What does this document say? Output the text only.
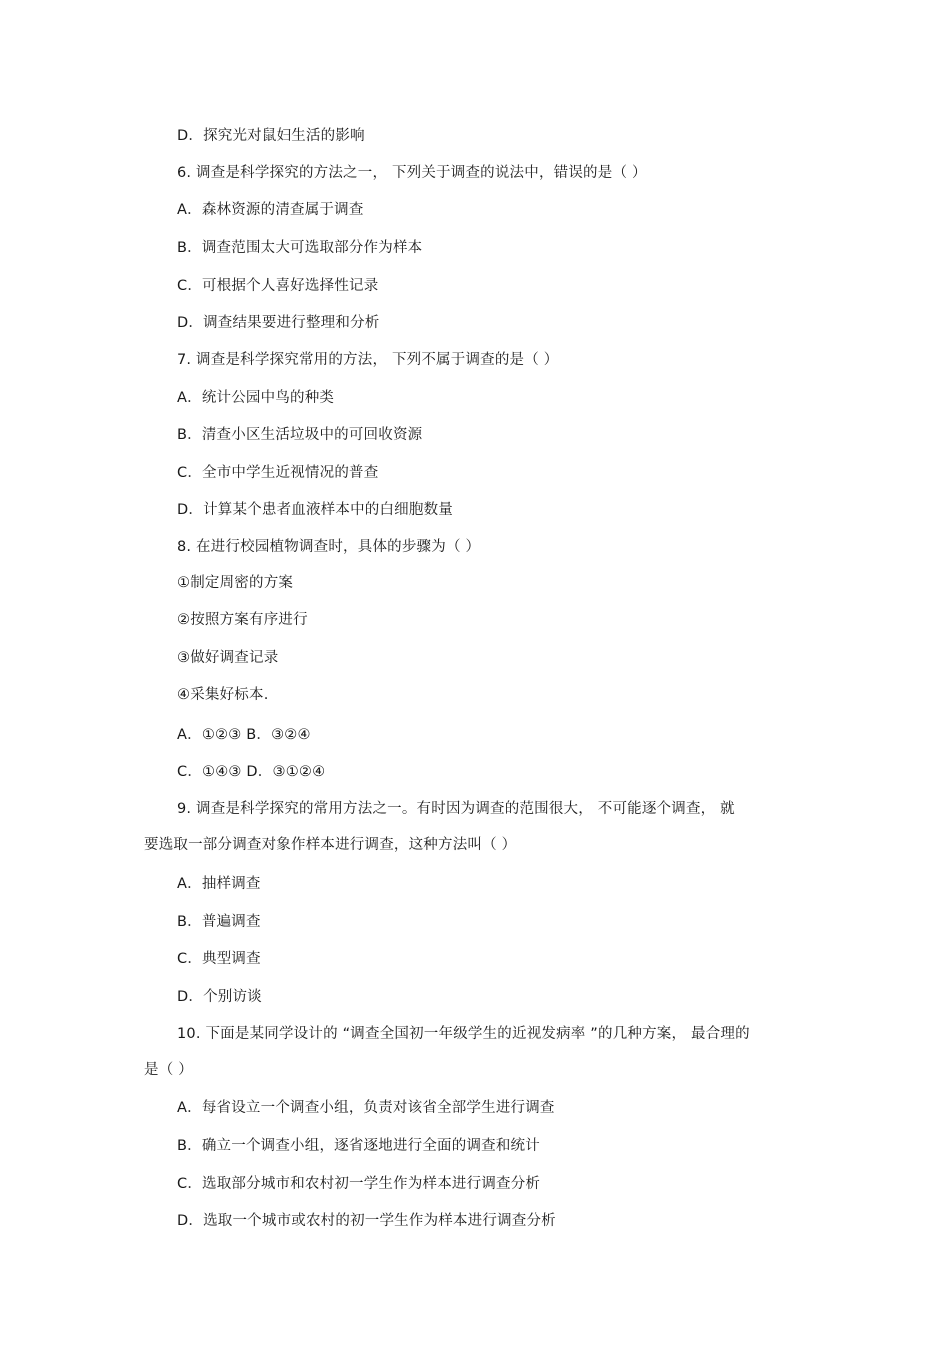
D．探究光对鼠妇生活的影响
6. 调查是科学探究的方法之一， 下列关于调查的说法中，错误的是（ ）
A．森林资源的清查属于调查
B．调查范围太大可选取部分作为样本
C．可根据个人喜好选择性记录
D．调查结果要进行整理和分析
7. 调查是科学探究常用的方法， 下列不属于调查的是（ ）
A．统计公园中鸟的种类
B．清查小区生活垃圾中的可回收资源
C．全市中学生近视情况的普查
D．计算某个患者血液样本中的白细胞数量
8. 在进行校园植物调查时，具体的步骤为（ ）
①制定周密的方案
②按照方案有序进行
③做好调查记录
④采集好标本.
A．①②③ B．③②④
C．①④③ D．③①②④
9. 调查是科学探究的常用方法之一。有时因为调查的范围很大， 不可能逐个调查， 就
要选取一部分调查对象作样本进行调查，这种方法叫（ ）
A．抽样调查
B．普遍调查
C．典型调查
D．个别访谈
10. 下面是某同学设计的 “调查全国初一年级学生的近视发病率 ”的几种方案， 最合理的
是（ ）
A．每省设立一个调查小组，负责对该省全部学生进行调查
B．确立一个调查小组，逐省逐地进行全面的调查和统计
C．选取部分城市和农村初一学生作为样本进行调查分析
D．选取一个城市或农村的初一学生作为样本进行调查分析
